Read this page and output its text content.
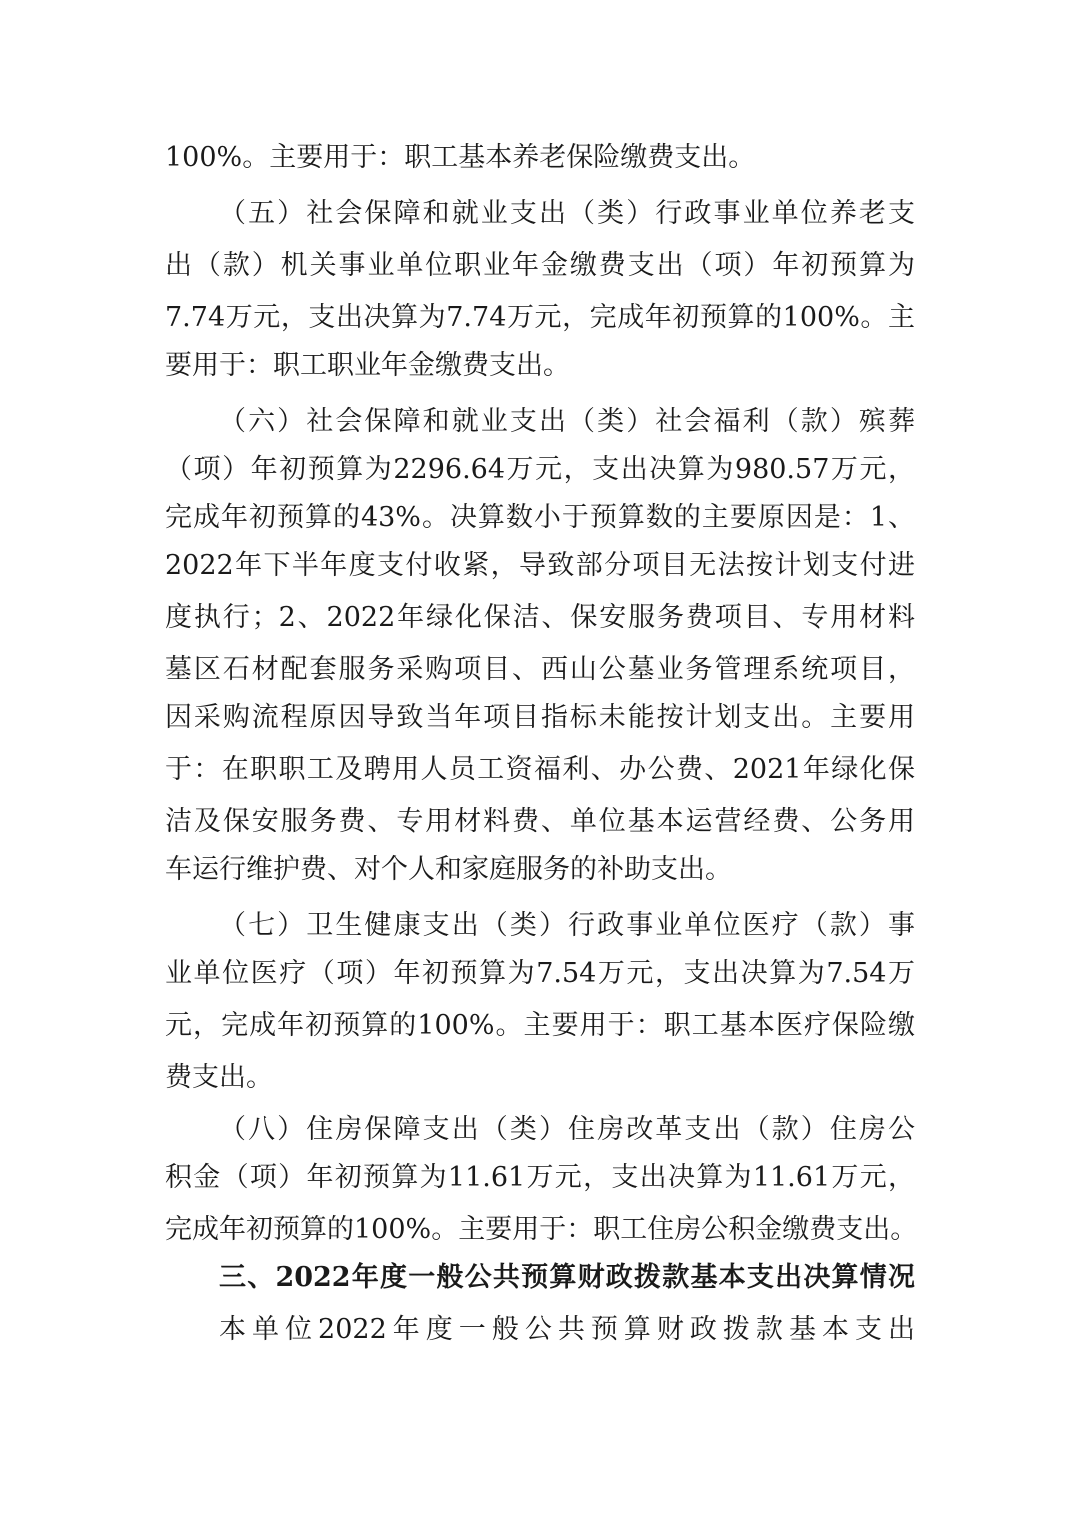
100%。主要用于：职工基本养老保险缴费支出。
（五）社会保障和就业支出（类）行政事业单位养老支
出（款）机关事业单位职业年金缴费支出（项）年初预算为
7.74万元，支出决算为7.74万元，完成年初预算的100%。主
要用于：职工职业年金缴费支出。
（六）社会保障和就业支出（类）社会福利（款）殡葬
（项）年初预算为2296.64万元，支出决算为980.57万元，
完成年初预算的43%。决算数小于预算数的主要原因是：1、
2022年下半年度支付收紧，导致部分项目无法按计划支付进
度执行；2、2022年绿化保洁、保安服务费项目、专用材料
墓区石材配套服务采购项目、西山公墓业务管理系统项目，
因采购流程原因导致当年项目指标未能按计划支出。主要用
于：在职职工及聘用人员工资福利、办公费、2021年绿化保
洁及保安服务费、专用材料费、单位基本运营经费、公务用
车运行维护费、对个人和家庭服务的补助支出。
（七）卫生健康支出（类）行政事业单位医疗（款）事
业单位医疗（项）年初预算为7.54万元，支出决算为7.54万
元，完成年初预算的100%。主要用于：职工基本医疗保险缴
费支出。
（八）住房保障支出（类）住房改革支出（款）住房公
积金（项）年初预算为11.61万元，支出决算为11.61万元，
完成年初预算的100%。主要用于：职工住房公积金缴费支出。
三、2022年度一般公共预算财政拨款基本支出决算情况
本单位2022年度一般公共预算财政拨款基本支出
